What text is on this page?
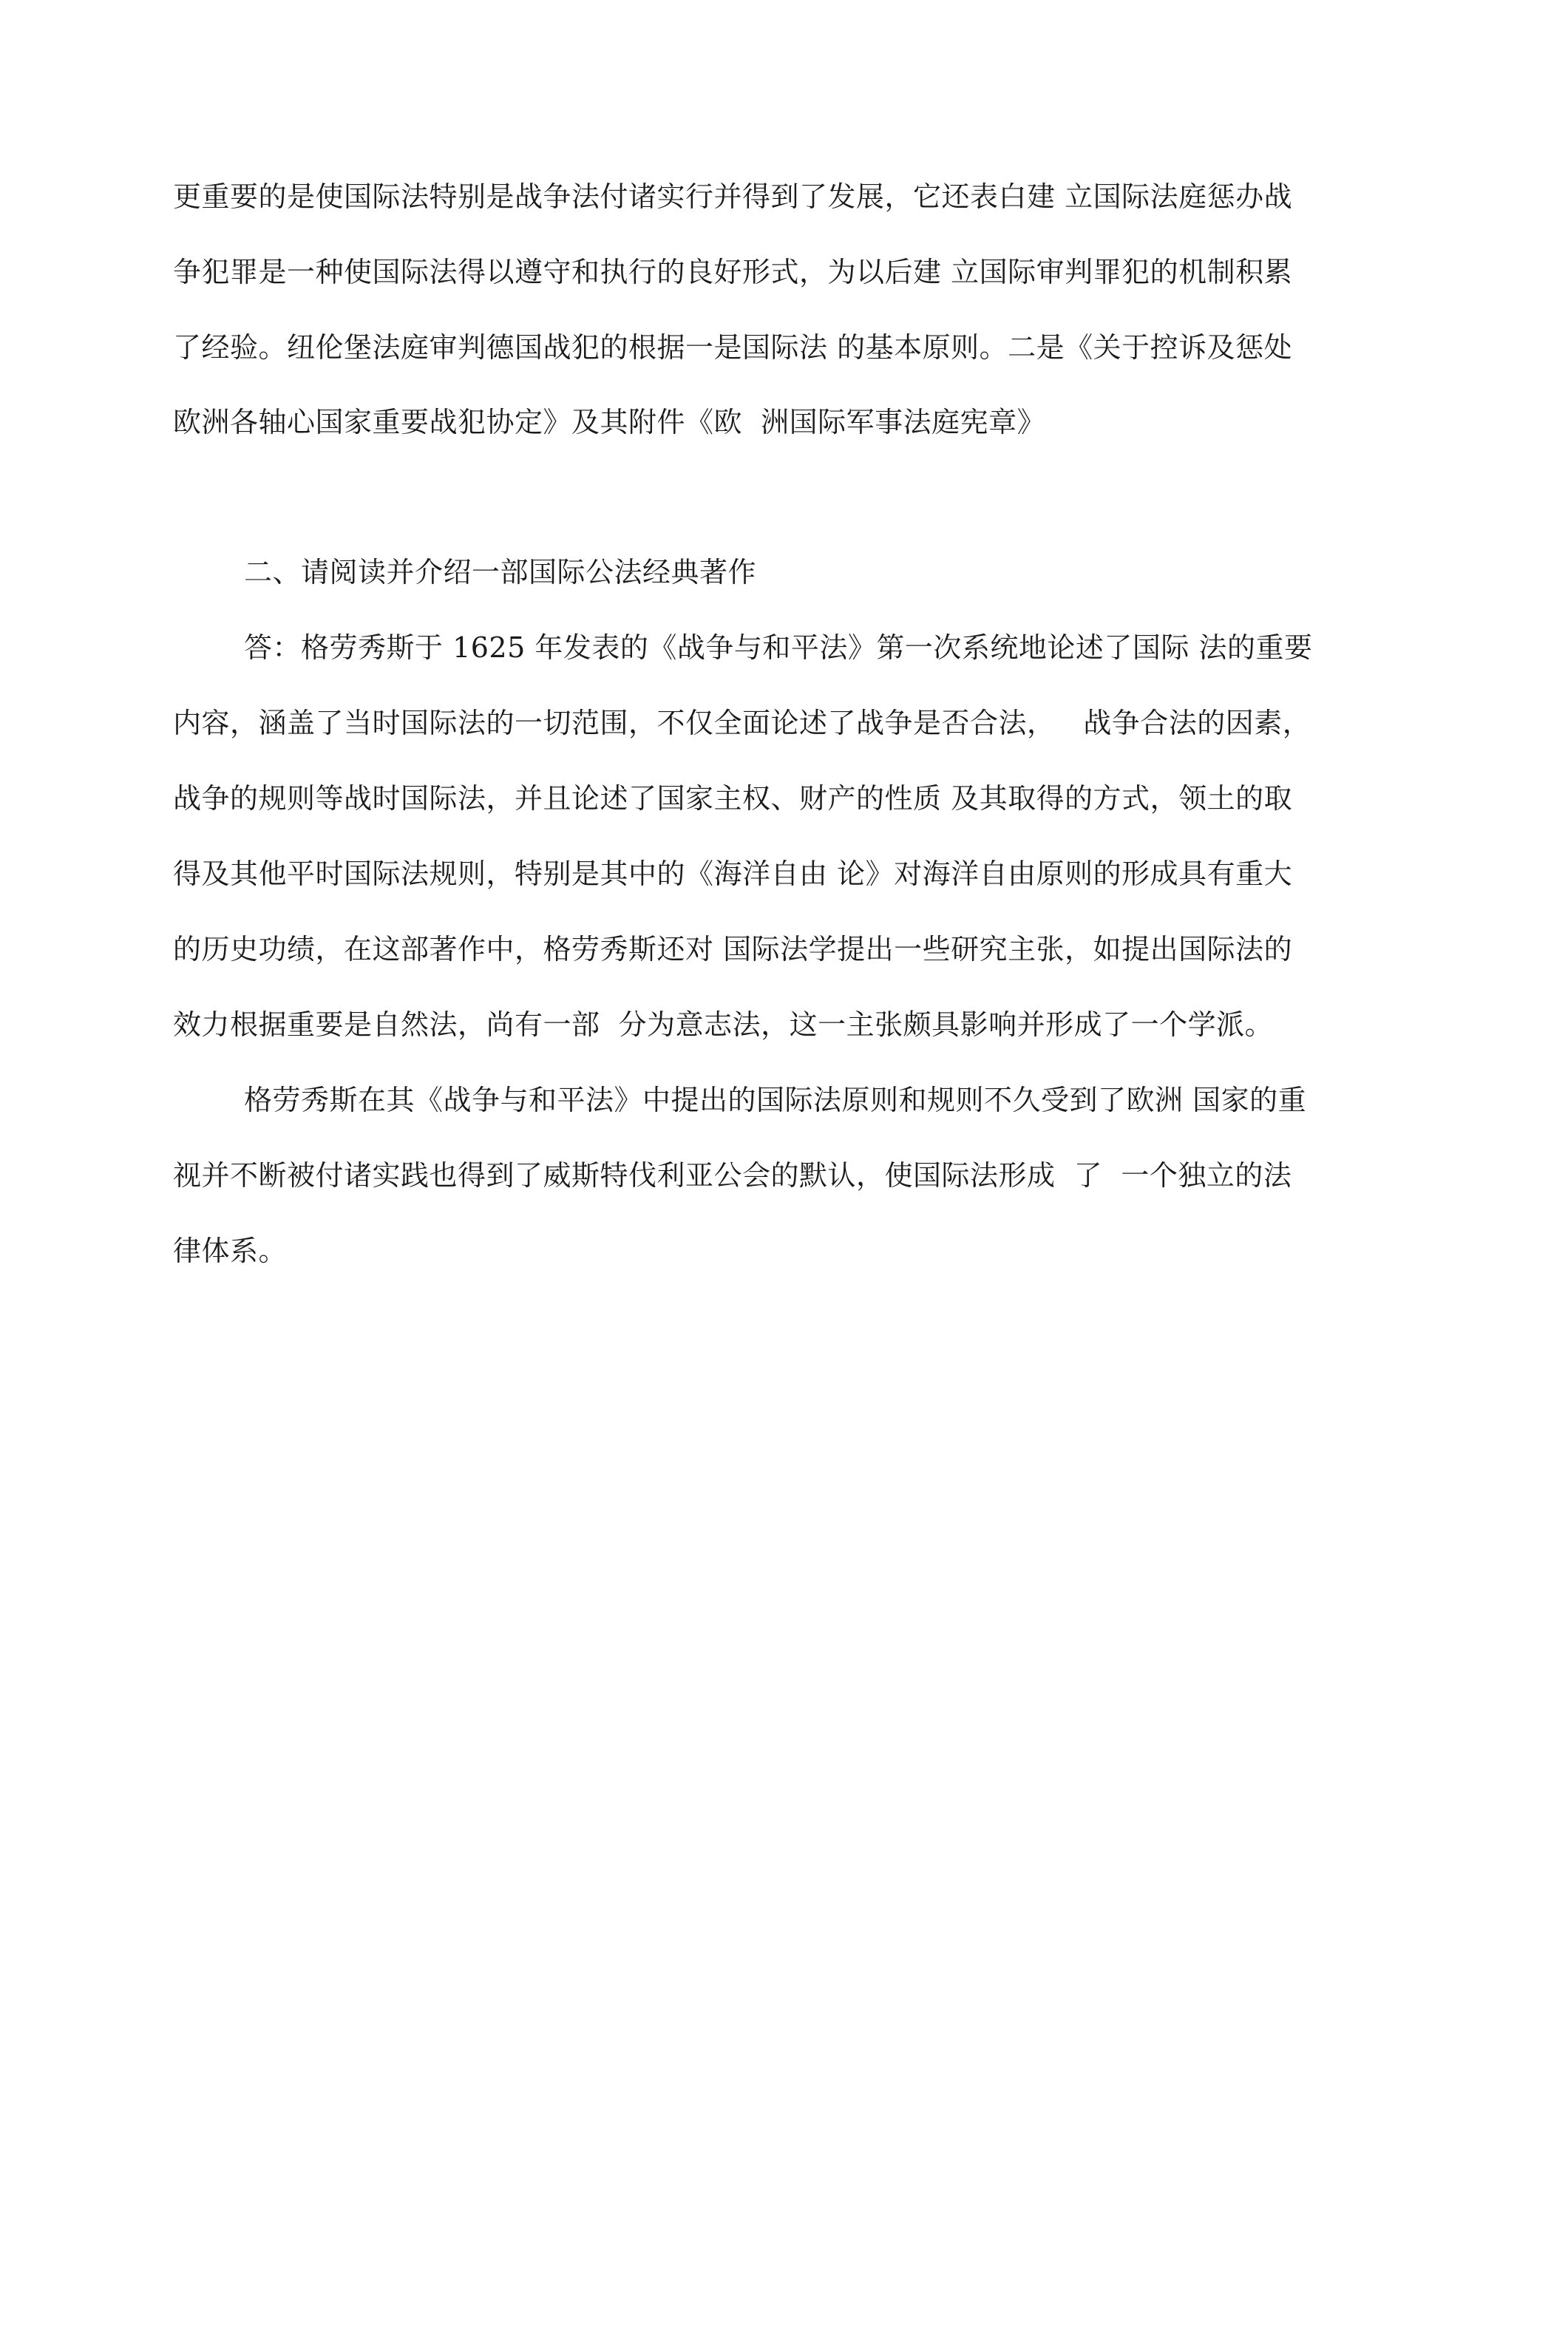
更重要的是使国际法特别是战争法付诸实行并得到了发展，它还表白建 立国际法庭惩办战
争犯罪是一种使国际法得以遵守和执行的良好形式，为以后建 立国际审判罪犯的机制积累
了经验。纽伦堡法庭审判德国战犯的根据一是国际法 的基本原则。二是《关于控诉及惩处
欧洲各轴心国家重要战犯协定》及其附件《欧  洲国际军事法庭宪章》
二、请阅读并介绍一部国际公法经典著作
答：格劳秀斯于 1625 年发表的《战争与和平法》第一次系统地论述了国际 法的重要
内容，涵盖了当时国际法的一切范围，不仅全面论述了战争是否合法，   战争合法的因素，
战争的规则等战时国际法，并且论述了国家主权、财产的性质 及其取得的方式，领土的取
得及其他平时国际法规则，特别是其中的《海洋自由 论》对海洋自由原则的形成具有重大
的历史功绩，在这部著作中，格劳秀斯还对 国际法学提出一些研究主张，如提出国际法的
效力根据重要是自然法，尚有一部  分为意志法，这一主张颇具影响并形成了一个学派。
格劳秀斯在其《战争与和平法》中提出的国际法原则和规则不久受到了欧洲 国家的重
视并不断被付诸实践也得到了威斯特伐利亚公会的默认，使国际法形成  了  一个独立的法
律体系。
